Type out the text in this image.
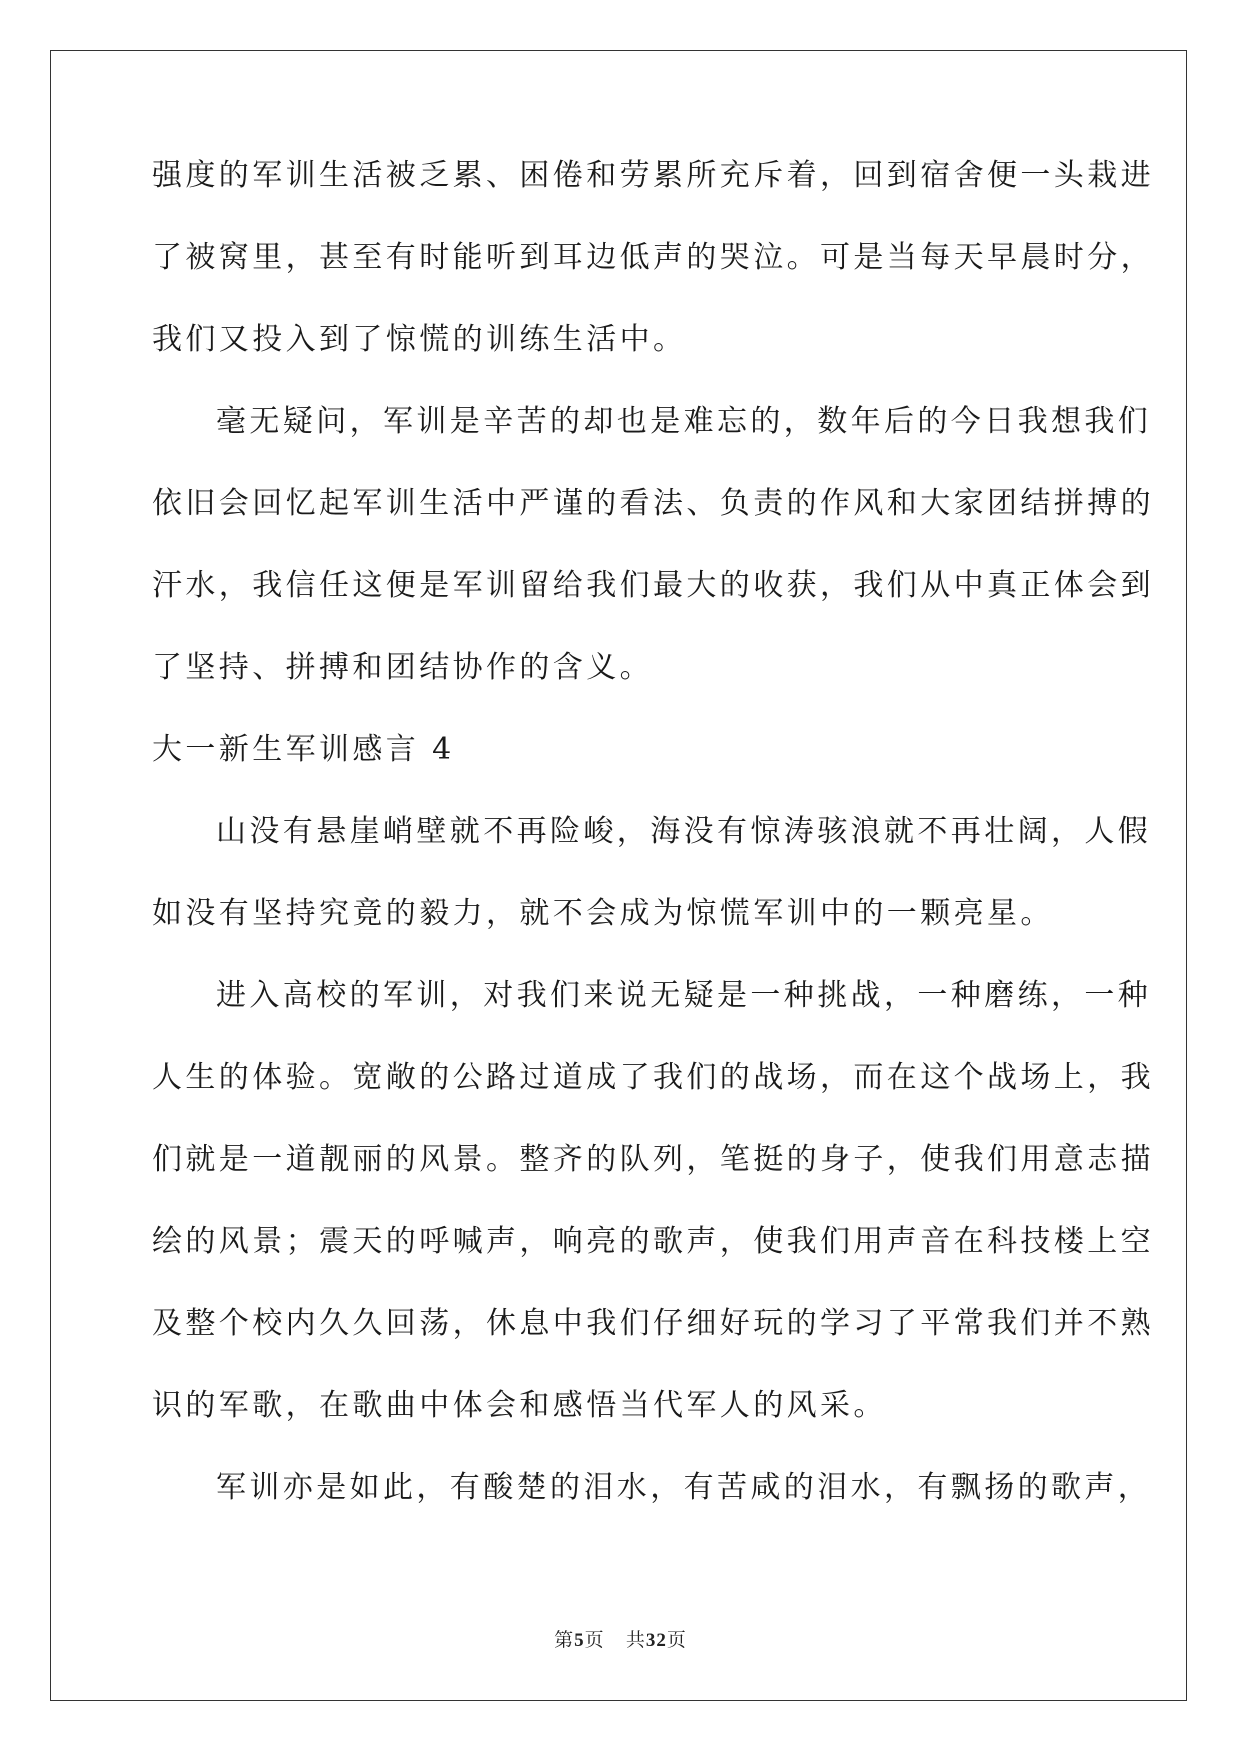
强度的军训生活被乏累、困倦和劳累所充斥着，回到宿舍便一头栽进
了被窝里，甚至有时能听到耳边低声的哭泣。可是当每天早晨时分，
我们又投入到了惊慌的训练生活中。
毫无疑问，军训是辛苦的却也是难忘的，数年后的今日我想我们
依旧会回忆起军训生活中严谨的看法、负责的作风和大家团结拼搏的
汗水，我信任这便是军训留给我们最大的收获，我们从中真正体会到
了坚持、拼搏和团结协作的含义。
大一新生军训感言 4
山没有悬崖峭壁就不再险峻，海没有惊涛骇浪就不再壮阔，人假
如没有坚持究竟的毅力，就不会成为惊慌军训中的一颗亮星。
进入高校的军训，对我们来说无疑是一种挑战，一种磨练，一种
人生的体验。宽敞的公路过道成了我们的战场，而在这个战场上，我
们就是一道靓丽的风景。整齐的队列，笔挺的身子，使我们用意志描
绘的风景；震天的呼喊声，响亮的歌声，使我们用声音在科技楼上空
及整个校内久久回荡，休息中我们仔细好玩的学习了平常我们并不熟
识的军歌，在歌曲中体会和感悟当代军人的风采。
军训亦是如此，有酸楚的泪水，有苦咸的泪水，有飘扬的歌声，
第5页 共32页
